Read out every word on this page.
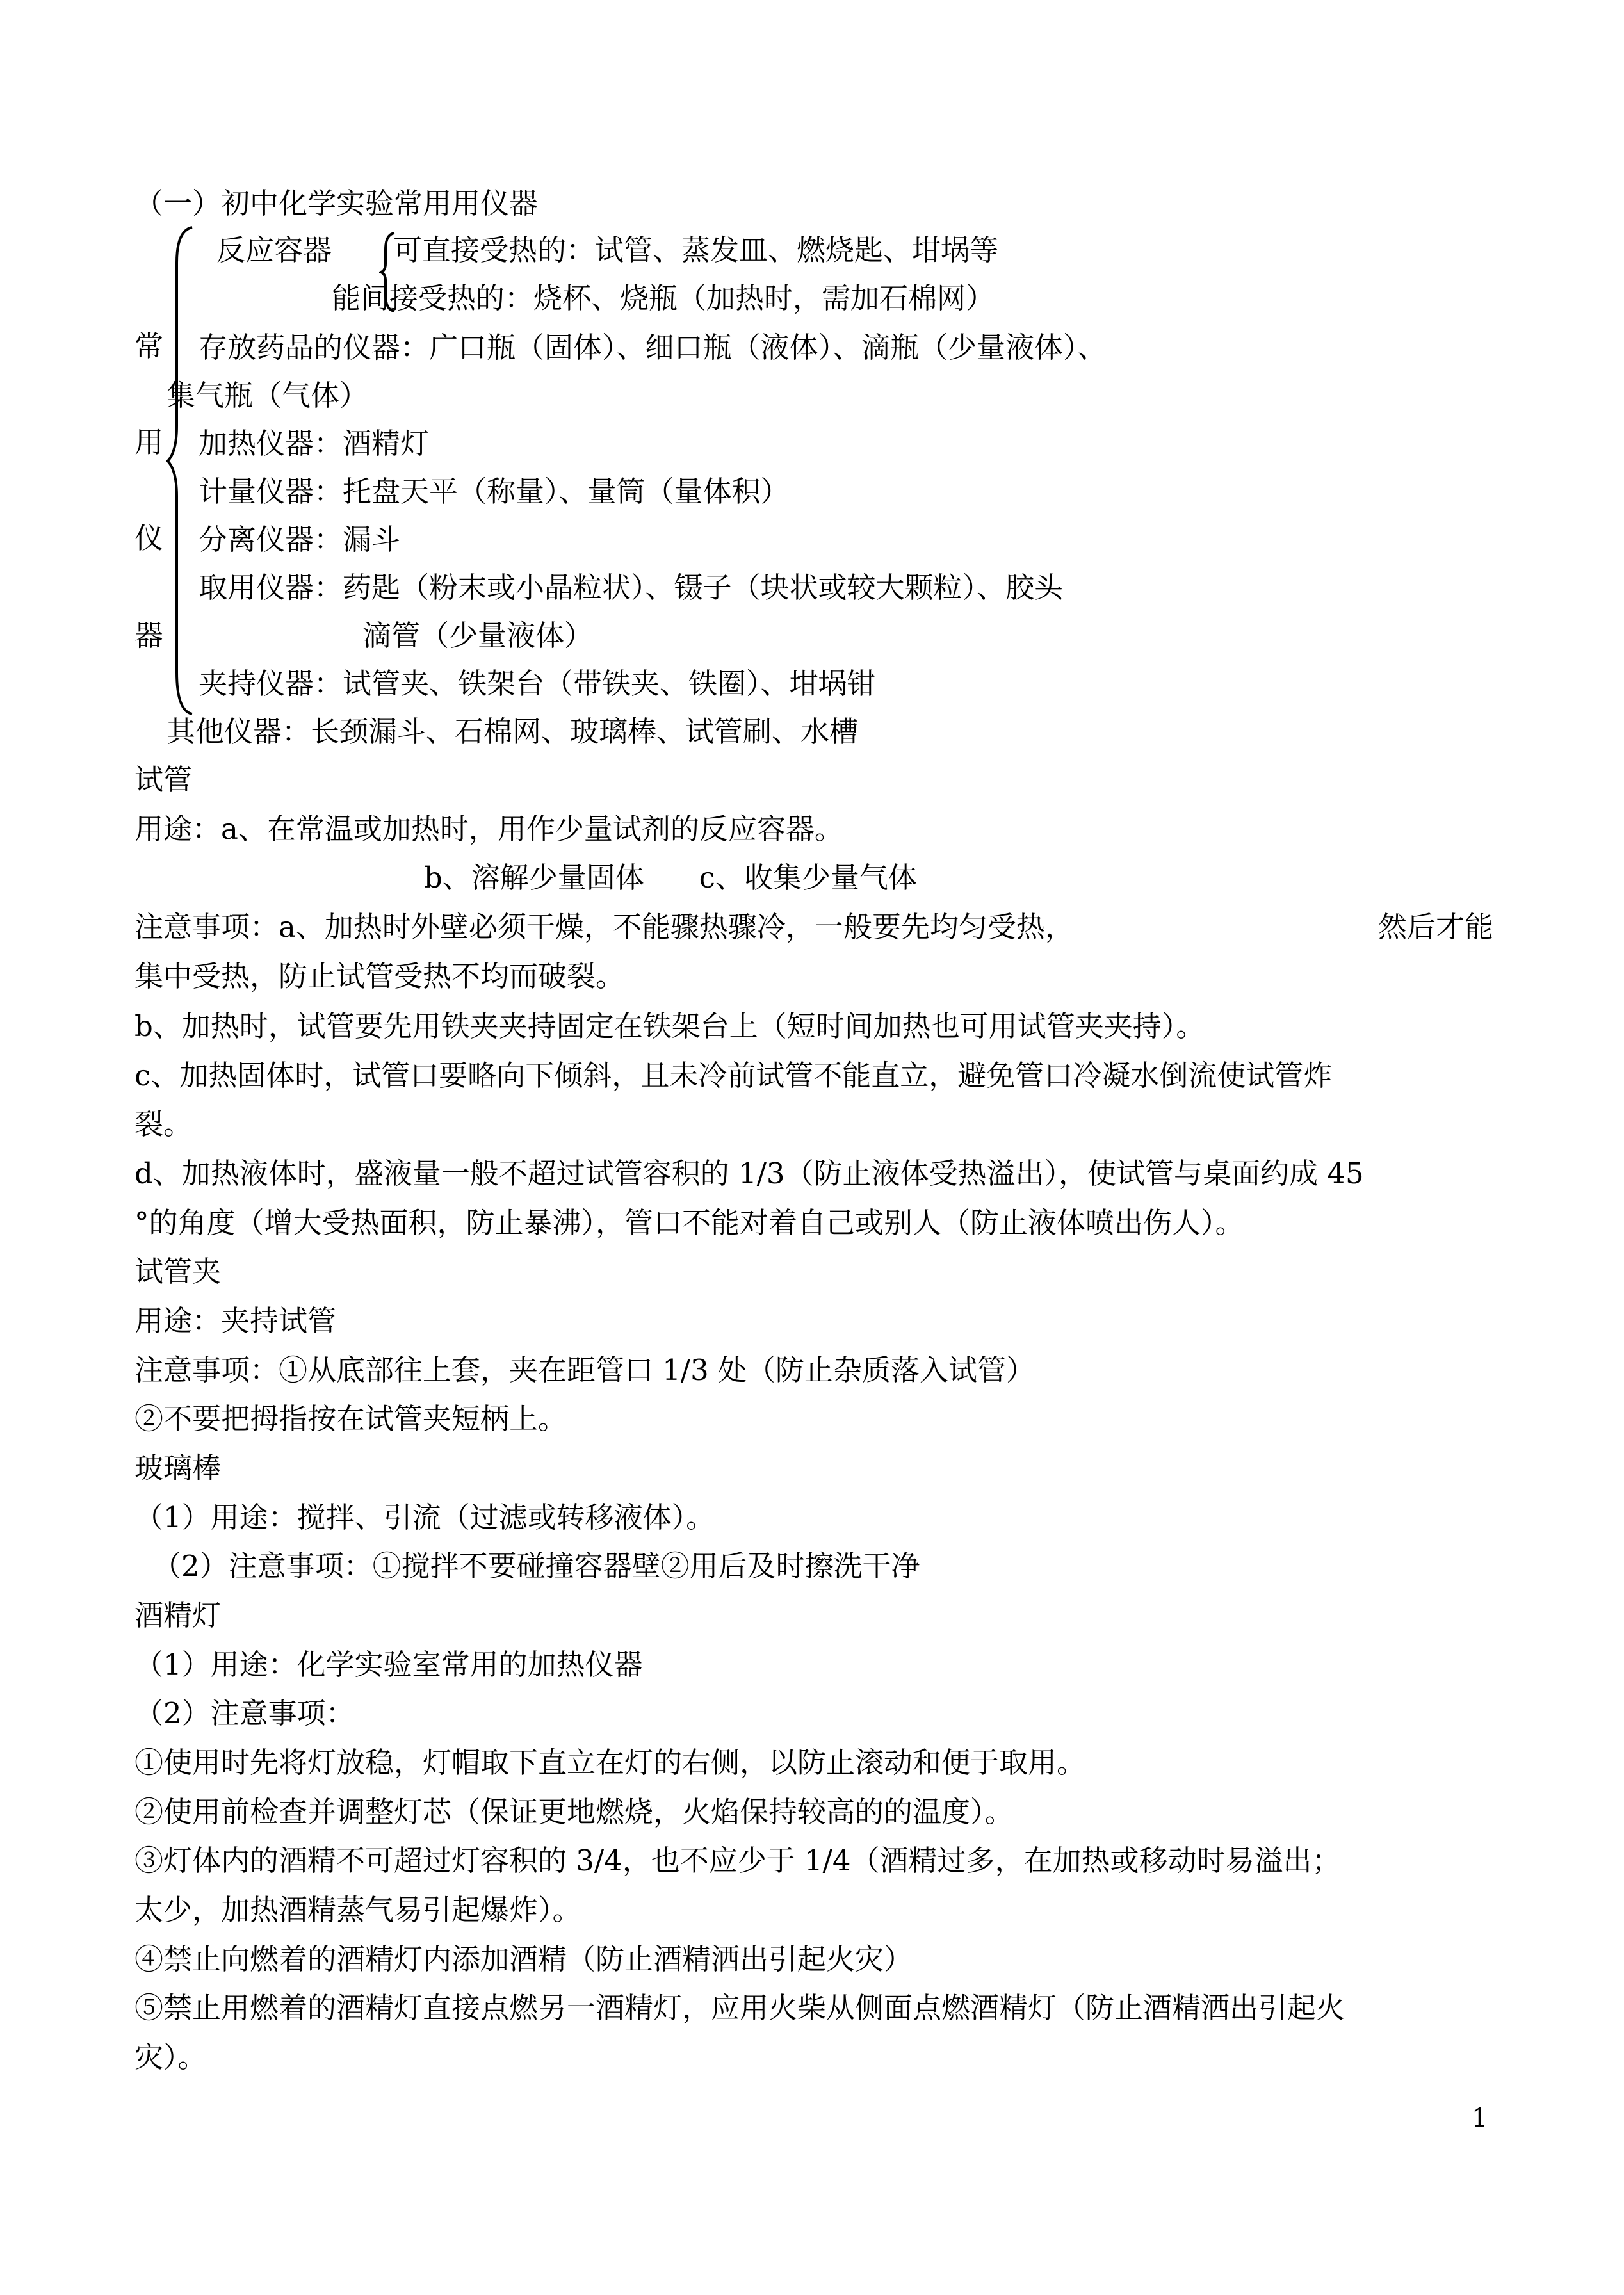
（一）初中化学实验常用用仪器
常
用
仪
器
反应容器 可直接受热的：试管、蒸发皿、燃烧匙、坩埚等
能间接受热的：烧杯、烧瓶（加热时，需加石棉网）
存放药品的仪器：广口瓶（固体）、细口瓶（液体）、滴瓶（少量液体）、
集气瓶（气体）
加热仪器：酒精灯
计量仪器：托盘天平（称量）、量筒（量体积）
分离仪器：漏斗
取用仪器：药匙（粉末或小晶粒状）、镊子（块状或较大颗粒）、胶头
滴管（少量液体）
夹持仪器：试管夹、铁架台（带铁夹、铁圈）、坩埚钳
其他仪器：长颈漏斗、石棉网、玻璃棒、试管刷、水槽
试管
用途：a、在常温或加热时，用作少量试剂的反应容器。
b、溶解少量固体      c、收集少量气体
注意事项：a、加热时外壁必须干燥，不能骤热骤冷，一般要先均匀受热，	然后才能
集中受热，防止试管受热不均而破裂。
b、加热时，试管要先用铁夹夹持固定在铁架台上（短时间加热也可用试管夹夹持）。
c、加热固体时，试管口要略向下倾斜，且未冷前试管不能直立，避免管口冷凝水倒流使试管炸
裂。
d、加热液体时，盛液量一般不超过试管容积的 1/3（防止液体受热溢出），使试管与桌面约成 45
°的角度（增大受热面积，防止暴沸），管口不能对着自己或别人（防止液体喷出伤人）。
试管夹
用途：夹持试管
注意事项：①从底部往上套，夹在距管口 1/3 处（防止杂质落入试管）
②不要把拇指按在试管夹短柄上。
玻璃棒
（1）用途：搅拌、引流（过滤或转移液体）。
（2）注意事项：①搅拌不要碰撞容器壁②用后及时擦洗干净
酒精灯
（1）用途：化学实验室常用的加热仪器
（2）注意事项：
①使用时先将灯放稳，灯帽取下直立在灯的右侧，以防止滚动和便于取用。
②使用前检查并调整灯芯（保证更地燃烧，火焰保持较高的的温度）。
③灯体内的酒精不可超过灯容积的 3/4，也不应少于 1/4（酒精过多，在加热或移动时易溢出；
太少，加热酒精蒸气易引起爆炸）。
④禁止向燃着的酒精灯内添加酒精（防止酒精洒出引起火灾）
⑤禁止用燃着的酒精灯直接点燃另一酒精灯，应用火柴从侧面点燃酒精灯（防止酒精洒出引起火
灾）。
1
